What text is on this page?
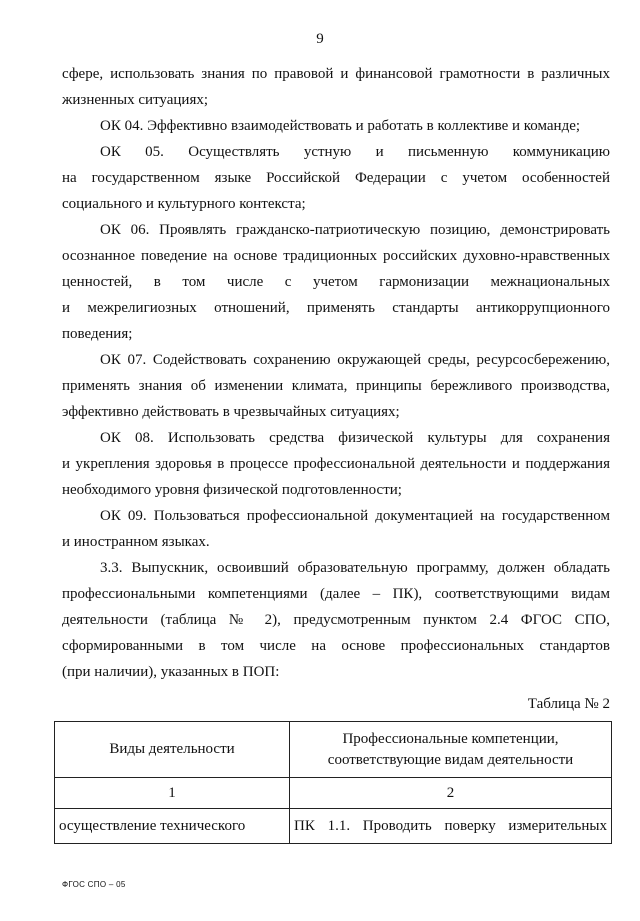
9

сфере, использовать знания по правовой и финансовой грамотности в различных

жизненных ситуациях;

ОК 04. Эффективно взаимодействовать и работать в коллективе и команде;

ОК 05. Осуществлять устную и письменную коммуникацию

на государственном языке Российской Федерации с учетом особенностей

социального и культурного контекста;

ОК 06. Проявлять гражданско-патриотическую позицию, демонстрировать

осознанное поведение на основе традиционных российских духовно-нравственных

ценностей, в том числе с учетом гармонизации межнациональных

и межрелигиозных отношений, применять стандарты антикоррупционного

поведения;

ОК 07. Содействовать сохранению окружающей среды, ресурсосбережению,

применять знания об изменении климата, принципы бережливого производства,

эффективно действовать в чрезвычайных ситуациях;

ОК 08. Использовать средства физической культуры для сохранения

и укрепления здоровья в процессе профессиональной деятельности и поддержания

необходимого уровня физической подготовленности;

ОК 09. Пользоваться профессиональной документацией на государственном

и иностранном языках.

3.3. Выпускник, освоивший образовательную программу, должен обладать

профессиональными компетенциями (далее – ПК), соответствующими видам

деятельности (таблица № 2), предусмотренным пунктом 2.4 ФГОС СПО,

сформированными в том числе на основе профессиональных стандартов

(при наличии), указанных в ПОП:

Таблица № 2
Виды деятельности	Профессиональные компетенции,
соответствующие видам деятельности

1	2
осуществление технического	ПК 1.1. Проводить поверку измерительных
ФГОС СПО – 05
